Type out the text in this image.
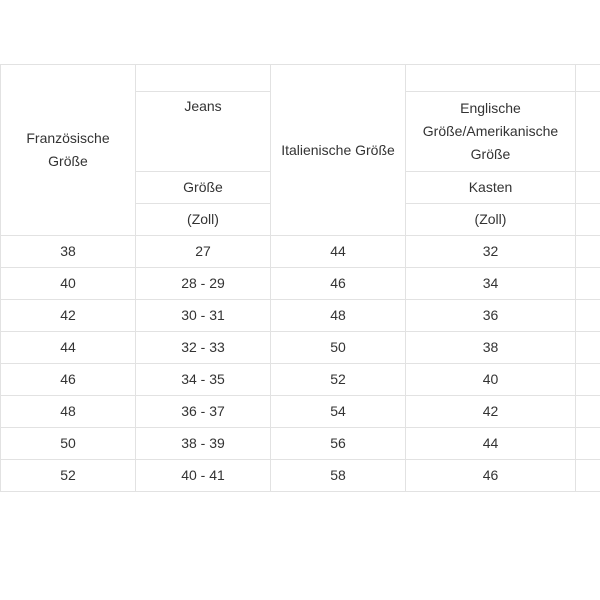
Französische Größe		Italienische Größe		
	Jeans		Englische Größe/Amerikanische Größe	
	Größe		Kasten	
	(Zoll)		(Zoll)	
38	27	44	32	
40	28 - 29	46	34	
42	30 - 31	48	36	
44	32 - 33	50	38	
46	34 - 35	52	40	
48	36 - 37	54	42	
50	38 - 39	56	44	
52	40 - 41	58	46	
